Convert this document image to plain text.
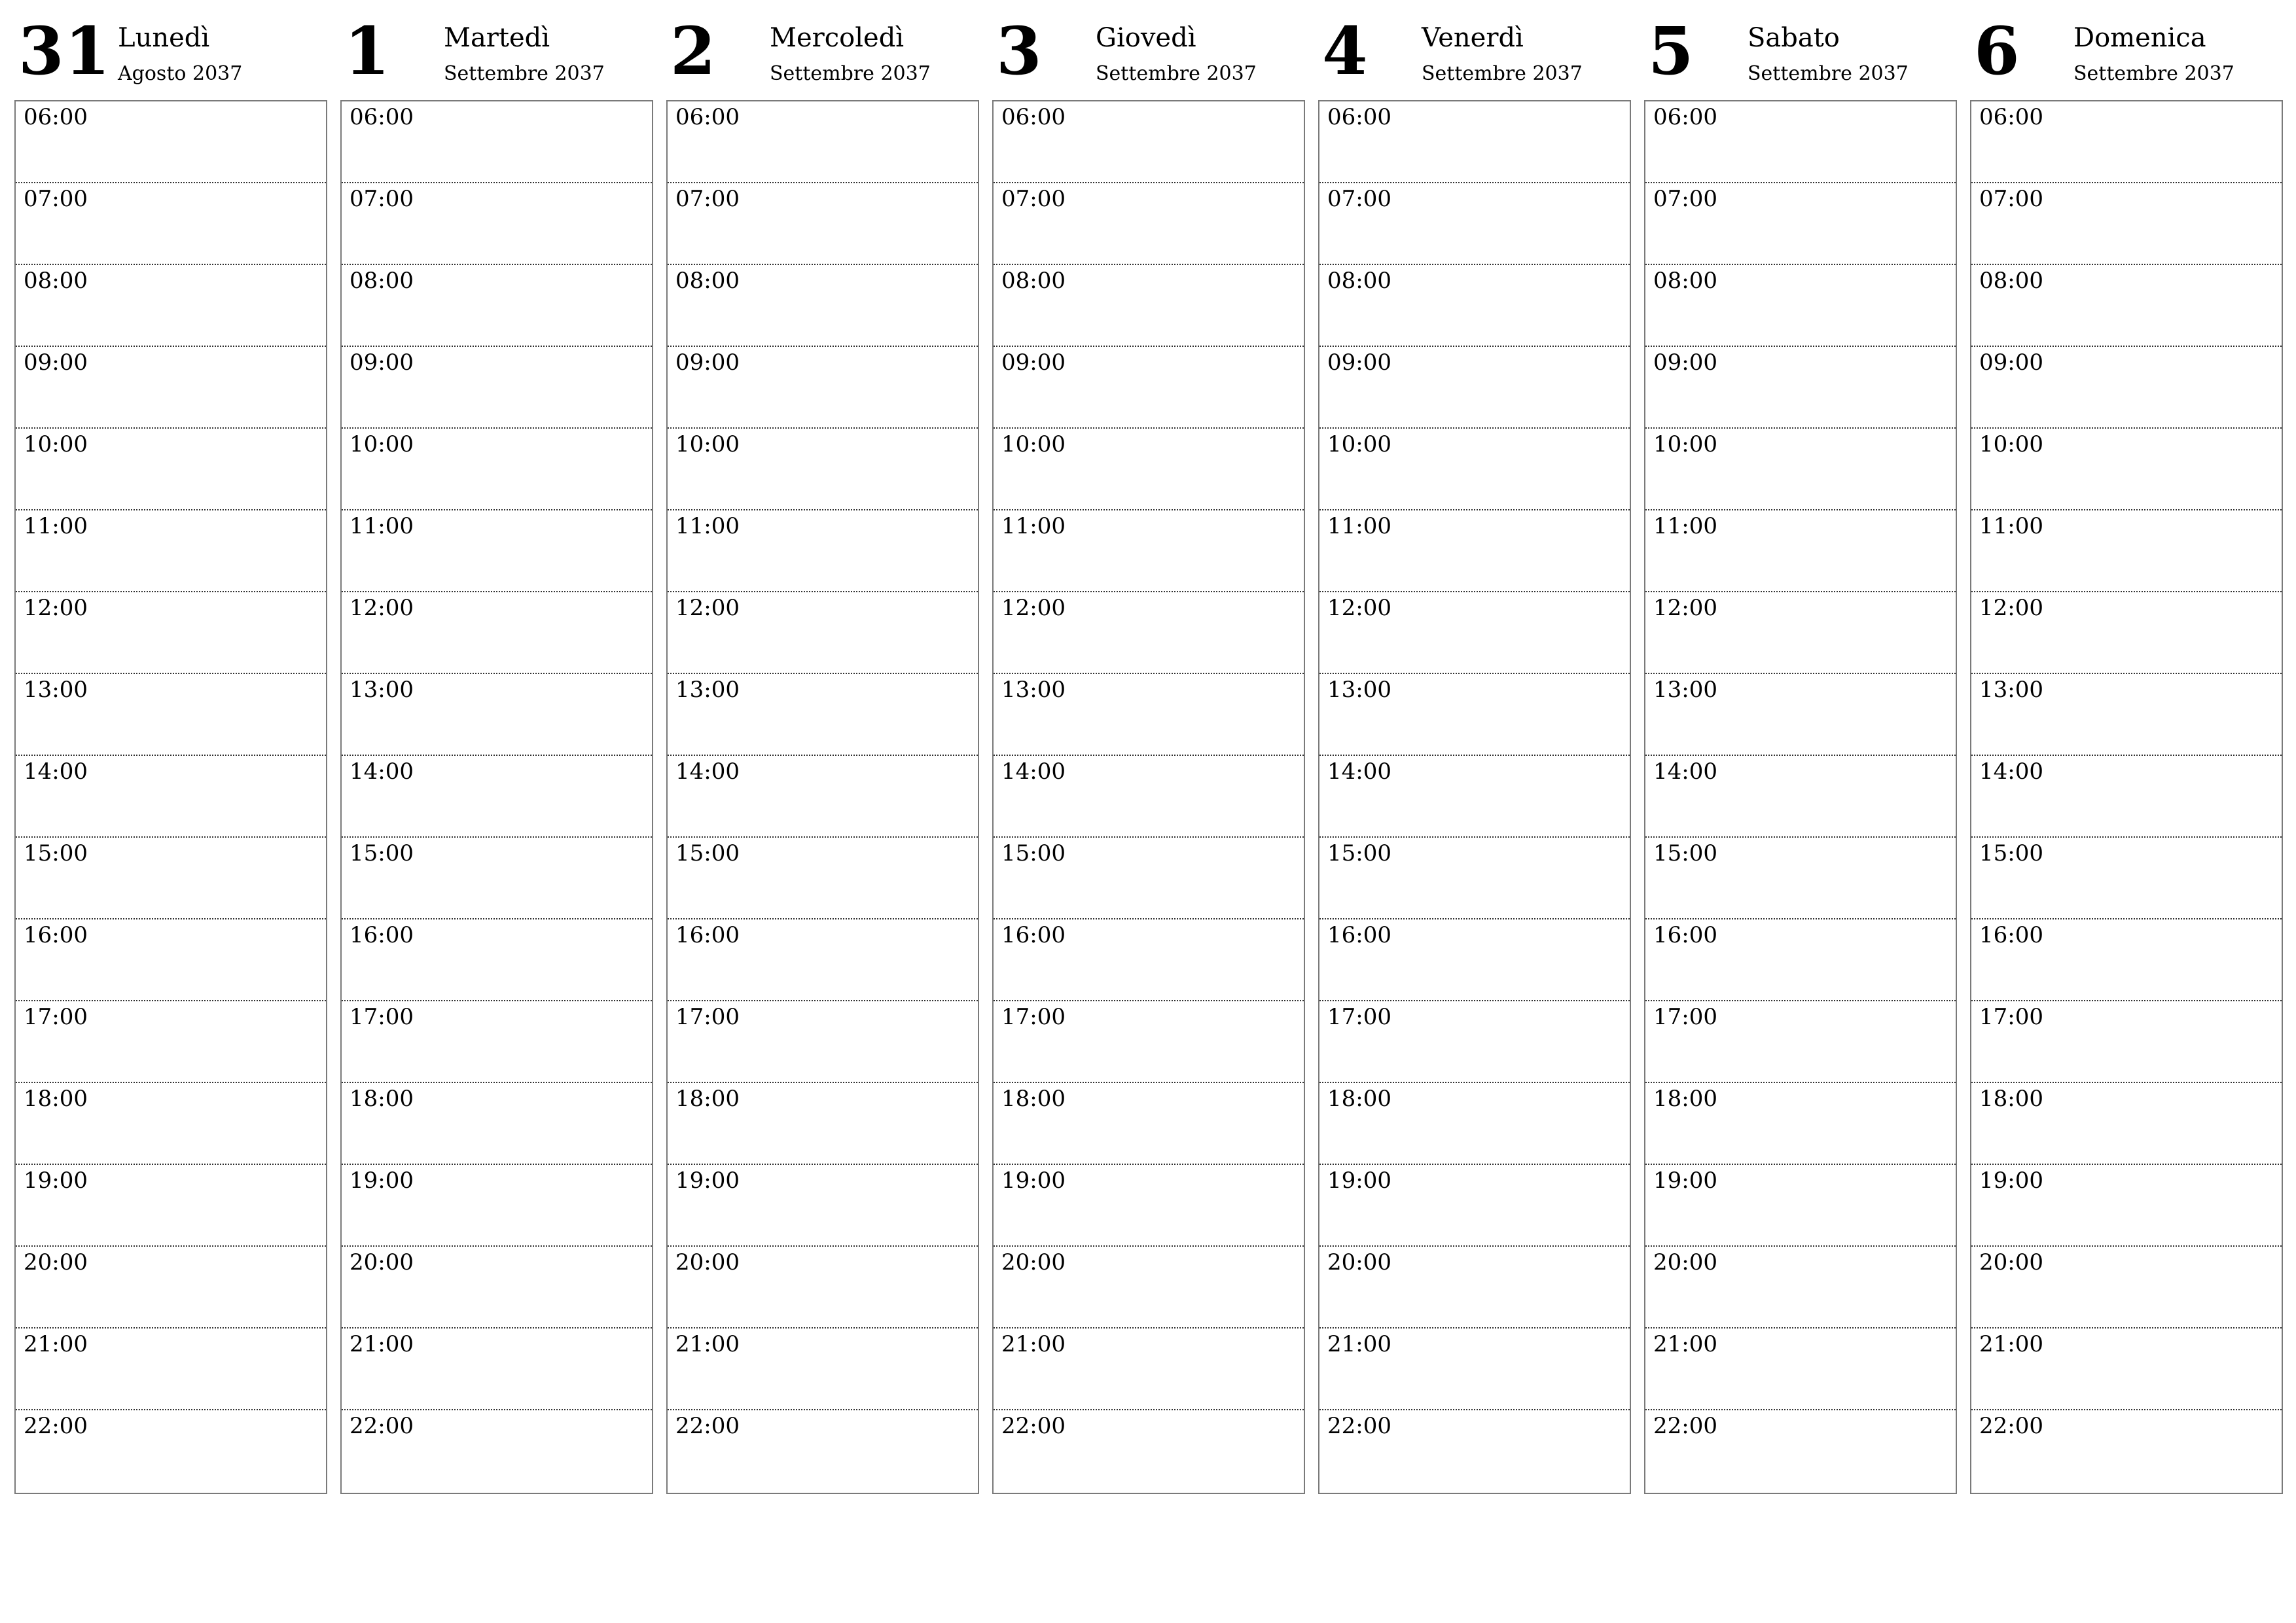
31 Lunedì
Agosto 2037
06:00
07:00
08:00
09:00
10:00
11:00
12:00
13:00
14:00
15:00
16:00
17:00
18:00
19:00
20:00
21:00
22:00
1 Martedì
Settembre 2037
06:00
07:00
08:00
09:00
10:00
11:00
12:00
13:00
14:00
15:00
16:00
17:00
18:00
19:00
20:00
21:00
22:00
2 Mercoledì
Settembre 2037
06:00
07:00
08:00
09:00
10:00
11:00
12:00
13:00
14:00
15:00
16:00
17:00
18:00
19:00
20:00
21:00
22:00
3 Giovedì
Settembre 2037
06:00
07:00
08:00
09:00
10:00
11:00
12:00
13:00
14:00
15:00
16:00
17:00
18:00
19:00
20:00
21:00
22:00
4 Venerdì
Settembre 2037
06:00
07:00
08:00
09:00
10:00
11:00
12:00
13:00
14:00
15:00
16:00
17:00
18:00
19:00
20:00
21:00
22:00
5 Sabato
Settembre 2037
06:00
07:00
08:00
09:00
10:00
11:00
12:00
13:00
14:00
15:00
16:00
17:00
18:00
19:00
20:00
21:00
22:00
6 Domenica
Settembre 2037
06:00
07:00
08:00
09:00
10:00
11:00
12:00
13:00
14:00
15:00
16:00
17:00
18:00
19:00
20:00
21:00
22:00
